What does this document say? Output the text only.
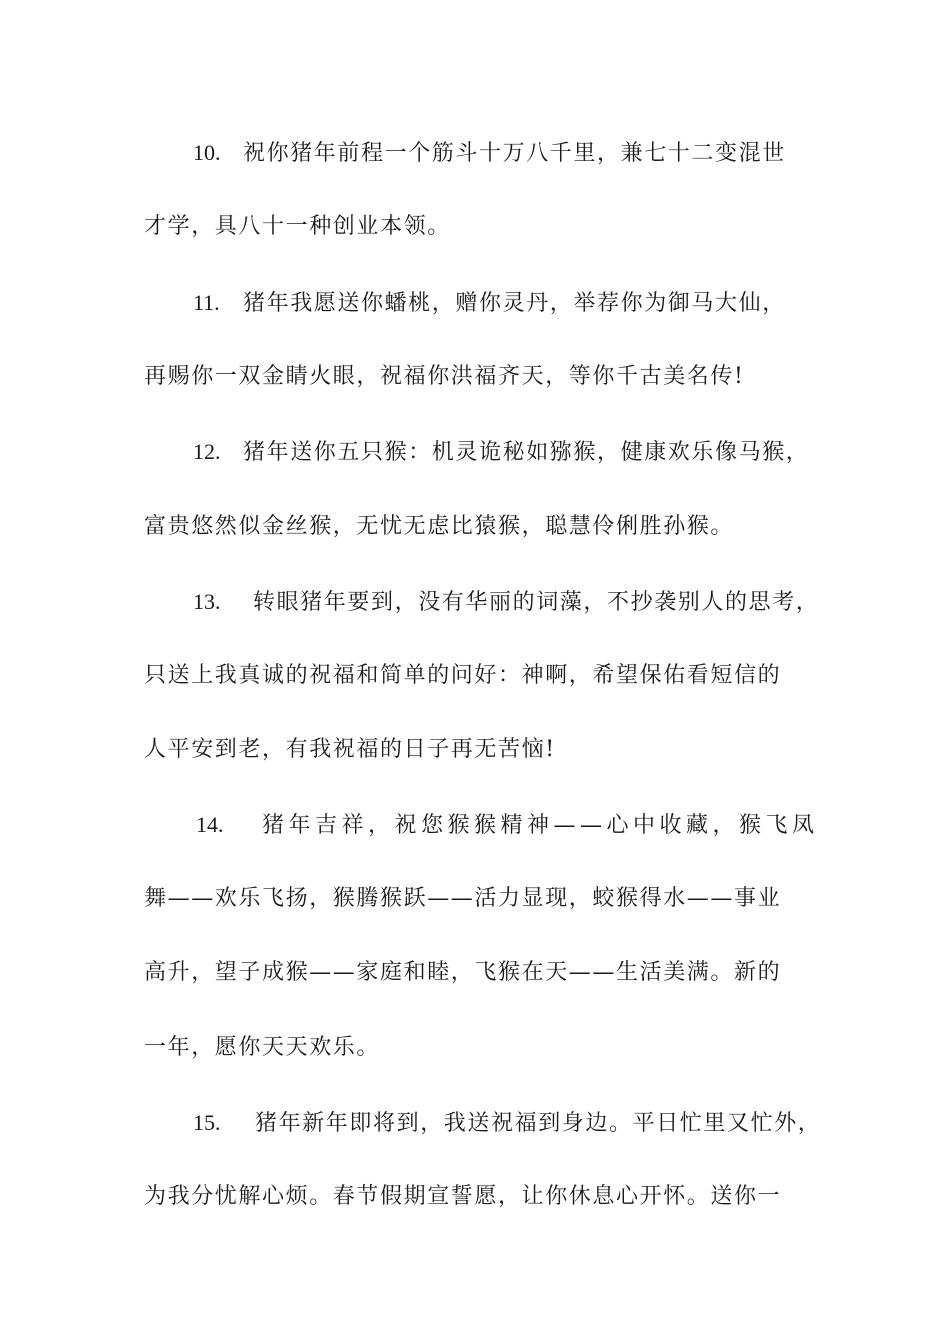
10. 祝你猪年前程一个筋斗十万八千里，兼七十二变混世
才学，具八十一种创业本领。
11. 猪年我愿送你蟠桃，赠你灵丹，举荐你为御马大仙，
再赐你一双金睛火眼，祝福你洪福齐天，等你千古美名传!
12. 猪年送你五只猴：机灵诡秘如猕猴，健康欢乐像马猴，
富贵悠然似金丝猴，无忧无虑比猿猴，聪慧伶俐胜孙猴。
13. 转眼猪年要到，没有华丽的词藻，不抄袭别人的思考，
只送上我真诚的祝福和简单的问好：神啊，希望保佑看短信的
人平安到老，有我祝福的日子再无苦恼!
14. 猪年吉祥，祝您猴猴精神——心中收藏，猴飞凤
舞——欢乐飞扬，猴腾猴跃——活力显现，蛟猴得水——事业
高升，望子成猴——家庭和睦，飞猴在天——生活美满。新的
一年，愿你天天欢乐。
15. 猪年新年即将到，我送祝福到身边。平日忙里又忙外，
为我分忧解心烦。春节假期宣誓愿，让你休息心开怀。送你一
